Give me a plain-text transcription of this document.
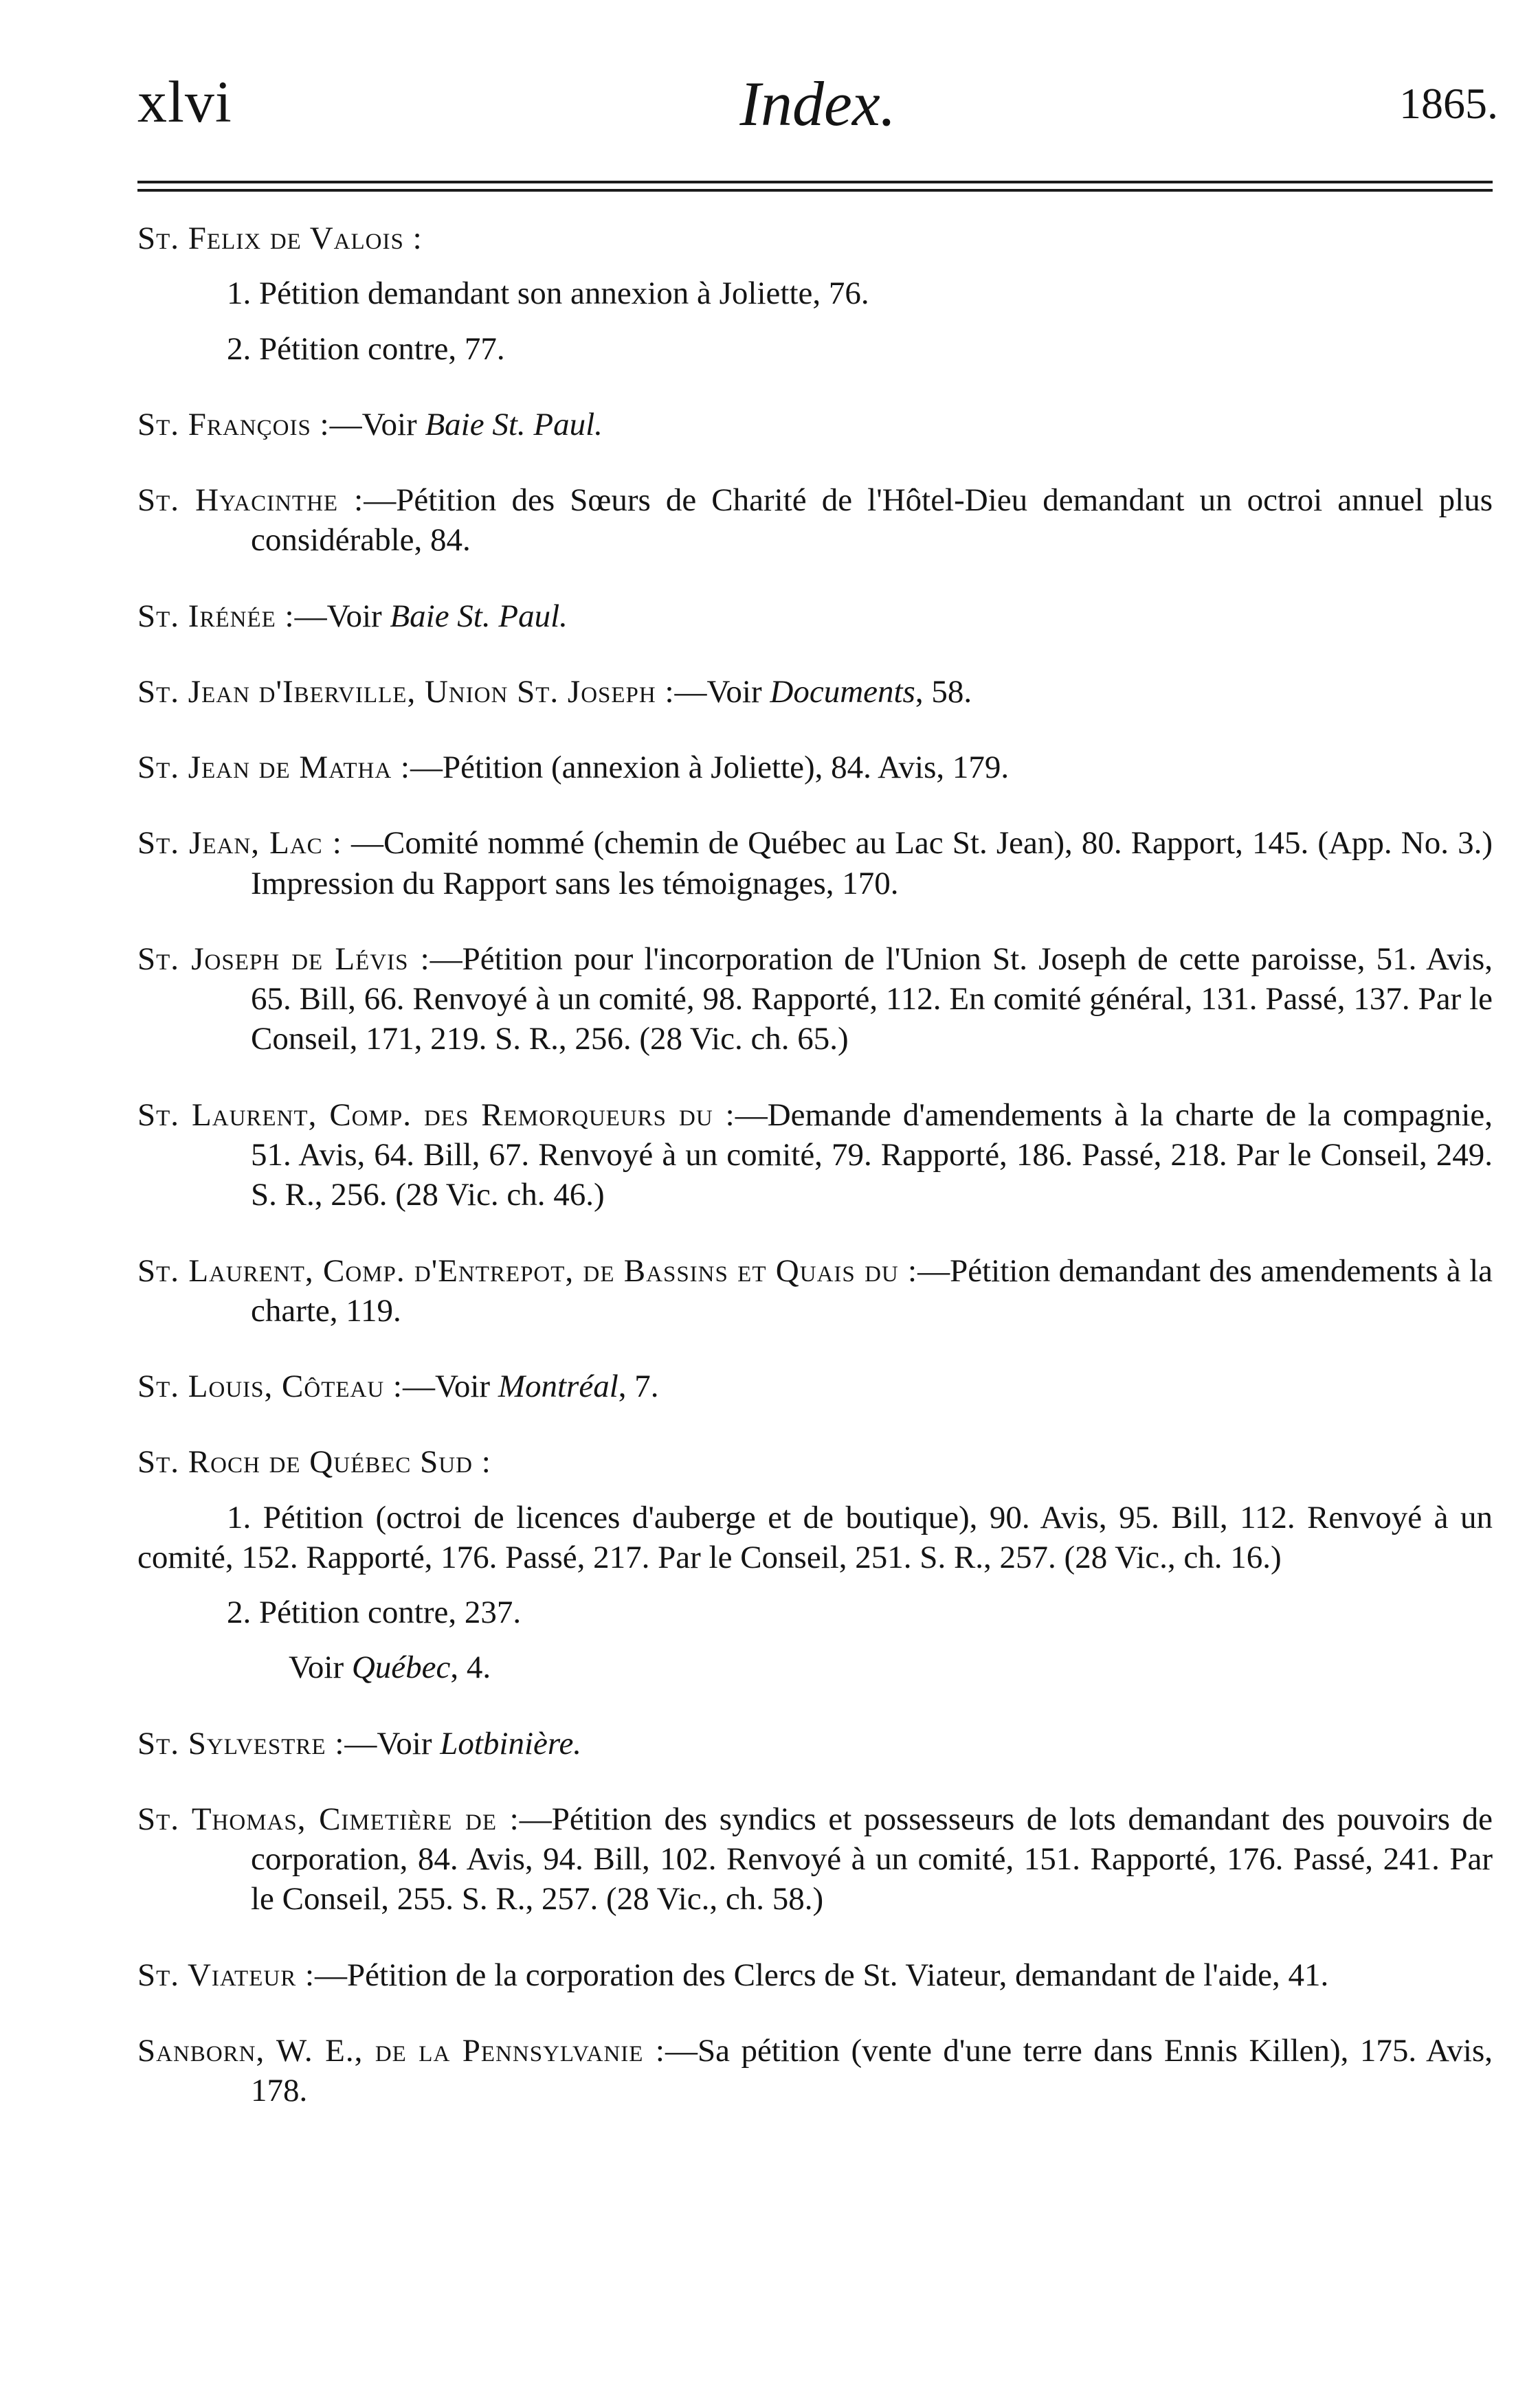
xlvi	Index.	1865.
St. Felix de Valois :
1. Pétition demandant son annexion à Joliette, 76.
2. Pétition contre, 77.
St. François :—Voir Baie St. Paul.
St. Hyacinthe :—Pétition des Sœurs de Charité de l'Hôtel-Dieu demandant un octroi annuel plus considérable, 84.
St. Irénée :—Voir Baie St. Paul.
St. Jean d'Iberville, Union St. Joseph :—Voir Documents, 58.
St. Jean de Matha :—Pétition (annexion à Joliette), 84. Avis, 179.
St. Jean, Lac : —Comité nommé (chemin de Québec au Lac St. Jean), 80. Rapport, 145. (App. No. 3.) Impression du Rapport sans les témoignages, 170.
St. Joseph de Lévis :—Pétition pour l'incorporation de l'Union St. Joseph de cette paroisse, 51. Avis, 65. Bill, 66. Renvoyé à un comité, 98. Rapporté, 112. En comité général, 131. Passé, 137. Par le Conseil, 171, 219. S. R., 256. (28 Vic. ch. 65.)
St. Laurent, Comp. des Remorqueurs du :—Demande d'amendements à la charte de la compagnie, 51. Avis, 64. Bill, 67. Renvoyé à un comité, 79. Rapporté, 186. Passé, 218. Par le Conseil, 249. S. R., 256. (28 Vic. ch. 46.)
St. Laurent, Comp. d'Entrepot, de Bassins et Quais du :—Pétition demandant des amendements à la charte, 119.
St. Louis, Côteau :—Voir Montréal, 7.
St. Roch de Québec Sud :
1. Pétition (octroi de licences d'auberge et de boutique), 90. Avis, 95. Bill, 112. Renvoyé à un comité, 152. Rapporté, 176. Passé, 217. Par le Conseil, 251. S. R., 257. (28 Vic., ch. 16.)
2. Pétition contre, 237.
Voir Québec, 4.
St. Sylvestre :—Voir Lotbinière.
St. Thomas, Cimetière de :—Pétition des syndics et possesseurs de lots demandant des pouvoirs de corporation, 84. Avis, 94. Bill, 102. Renvoyé à un comité, 151. Rapporté, 176. Passé, 241. Par le Conseil, 255. S. R., 257. (28 Vic., ch. 58.)
St. Viateur :—Pétition de la corporation des Clercs de St. Viateur, demandant de l'aide, 41.
Sanborn, W. E., de la Pennsylvanie :—Sa pétition (vente d'une terre dans Ennis Killen), 175. Avis, 178.
